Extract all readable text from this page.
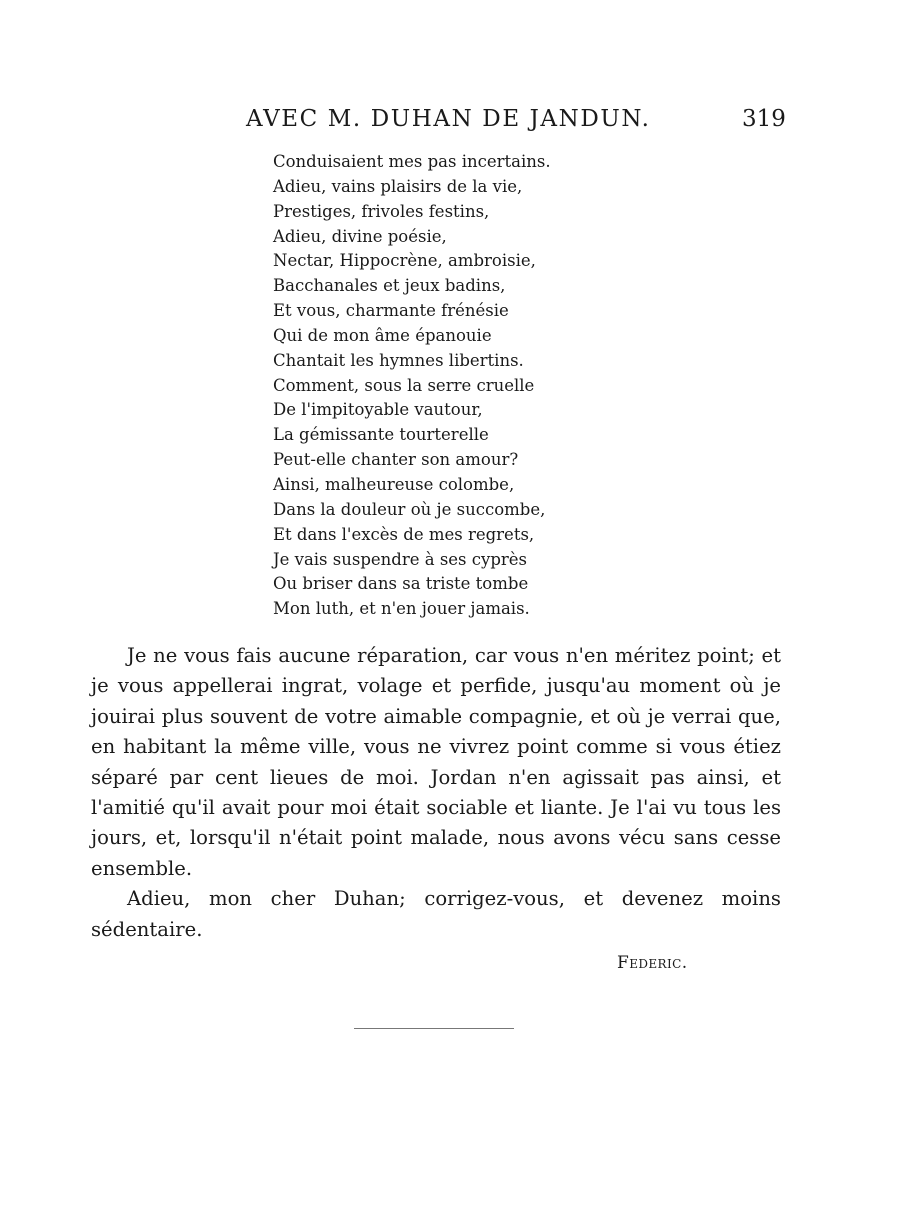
AVEC M. DUHAN DE JANDUN.	319
Conduisaient mes pas incertains.
Adieu, vains plaisirs de la vie,
Prestiges, frivoles festins,
Adieu, divine poésie,
Nectar, Hippocrène, ambroisie,
Bacchanales et jeux badins,
Et vous, charmante frénésie
Qui de mon âme épanouie
Chantait les hymnes libertins.
Comment, sous la serre cruelle
De l'impitoyable vautour,
La gémissante tourterelle
Peut-elle chanter son amour?
Ainsi, malheureuse colombe,
Dans la douleur où je succombe,
Et dans l'excès de mes regrets,
Je vais suspendre à ses cyprès
Ou briser dans sa triste tombe
Mon luth, et n'en jouer jamais.

Je ne vous fais aucune réparation, car vous n'en méritez point; et je vous appellerai ingrat, volage et perfide, jusqu'au moment où je jouirai plus souvent de votre aimable compagnie, et où je verrai que, en habitant la même ville, vous ne vivrez point comme si vous étiez séparé par cent lieues de moi. Jordan n'en agissait pas ainsi, et l'amitié qu'il avait pour moi était sociable et liante. Je l'ai vu tous les jours, et, lorsqu'il n'était point malade, nous avons vécu sans cesse ensemble.

Adieu, mon cher Duhan; corrigez-vous, et devenez moins sédentaire.

Federic.
